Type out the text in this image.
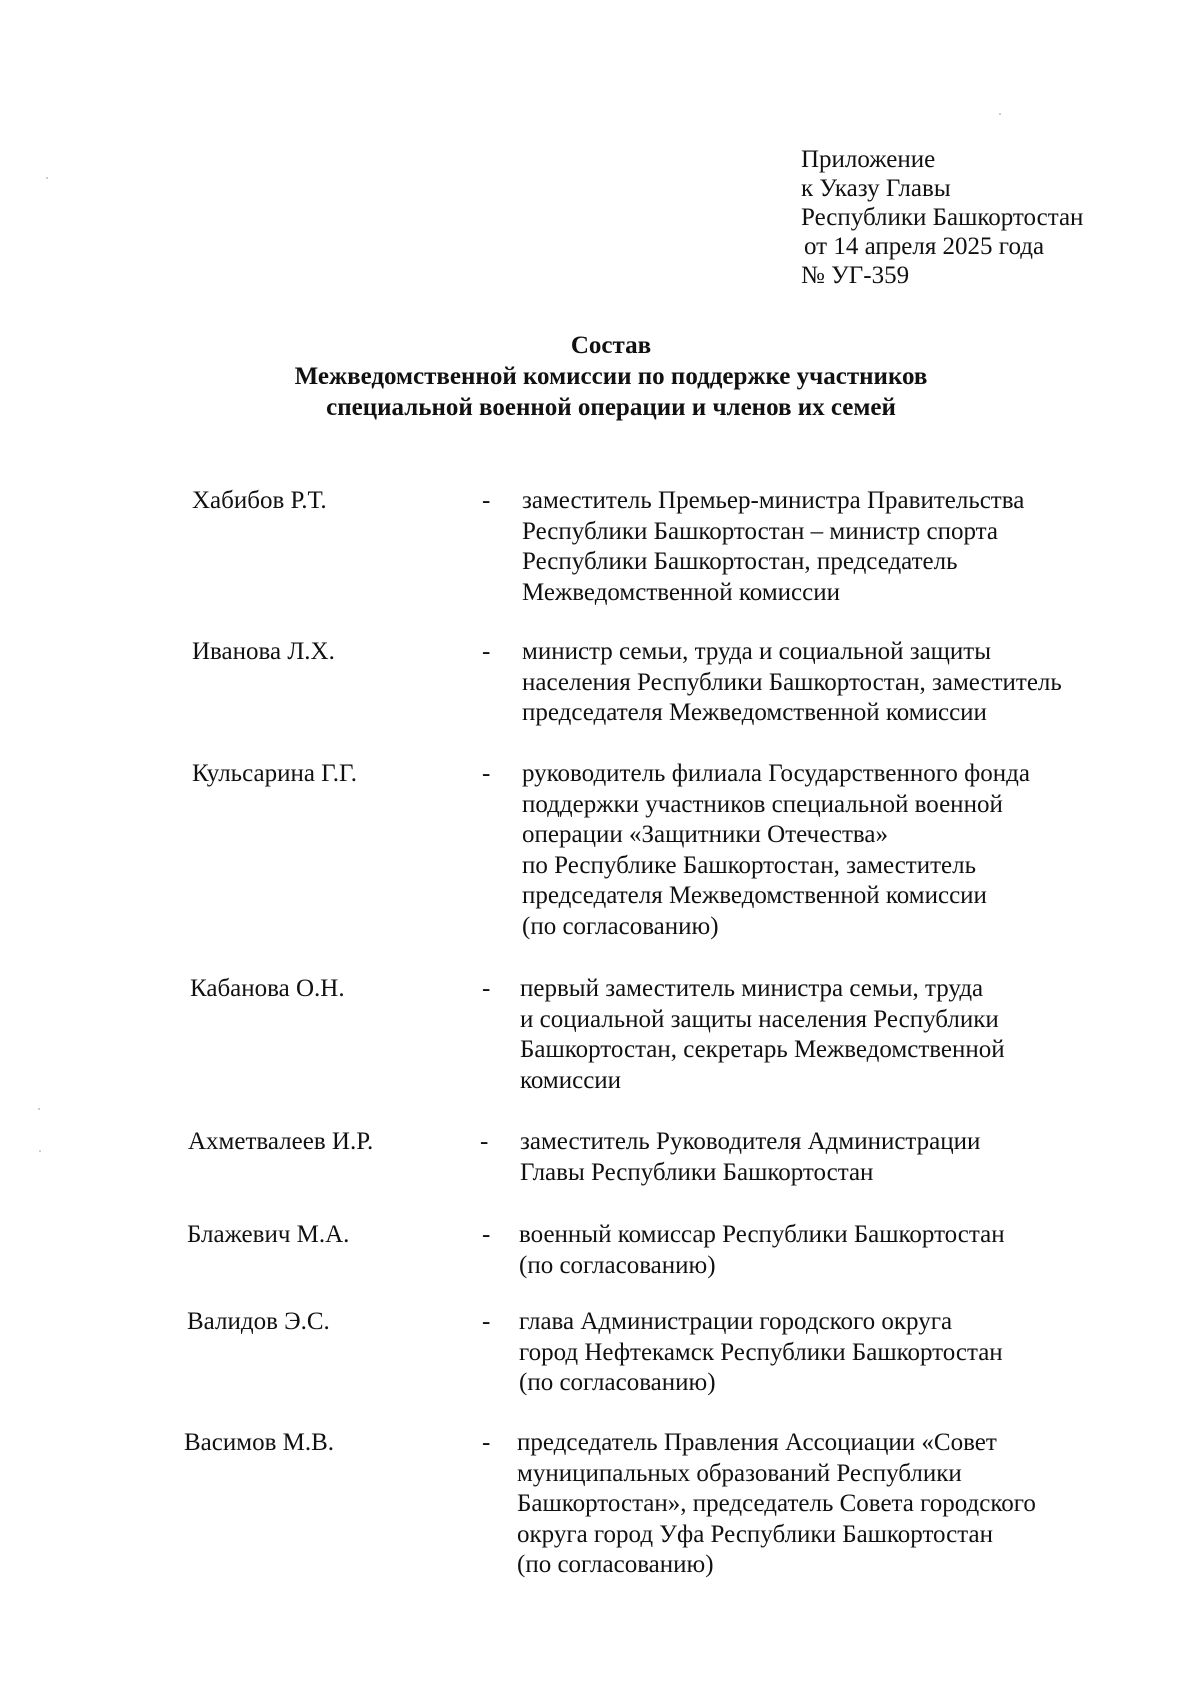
Приложение
к Указу Главы
Республики Башкортостан
от 14 апреля 2025 года
№ УГ-359
Состав
Межведомственной комиссии по поддержке участников
специальной военной операции и членов их семей
Хабибов Р.Т.	- заместитель Премьер-министра Правительства
Республики Башкортостан – министр спорта
Республики Башкортостан, председатель
Межведомственной комиссии
Иванова Л.Х.	- министр семьи, труда и социальной защиты
населения Республики Башкортостан, заместитель
председателя Межведомственной комиссии
Кульсарина Г.Г.	- руководитель филиала Государственного фонда
поддержки участников специальной военной
операции «Защитники Отечества»
по Республике Башкортостан, заместитель
председателя Межведомственной комиссии
(по согласованию)
Кабанова О.Н.	- первый заместитель министра семьи, труда
и социальной защиты населения Республики
Башкортостан, секретарь Межведомственной
комиссии
Ахметвалеев И.Р.	- заместитель Руководителя Администрации
Главы Республики Башкортостан
Блажевич М.А.	- военный комиссар Республики Башкортостан
(по согласованию)
Валидов Э.С.	- глава Администрации городского округа
город Нефтекамск Республики Башкортостан
(по согласованию)
Васимов М.В.	- председатель Правления Ассоциации «Совет
муниципальных образований Республики
Башкортостан», председатель Совета городского
округа город Уфа Республики Башкортостан
(по согласованию)
